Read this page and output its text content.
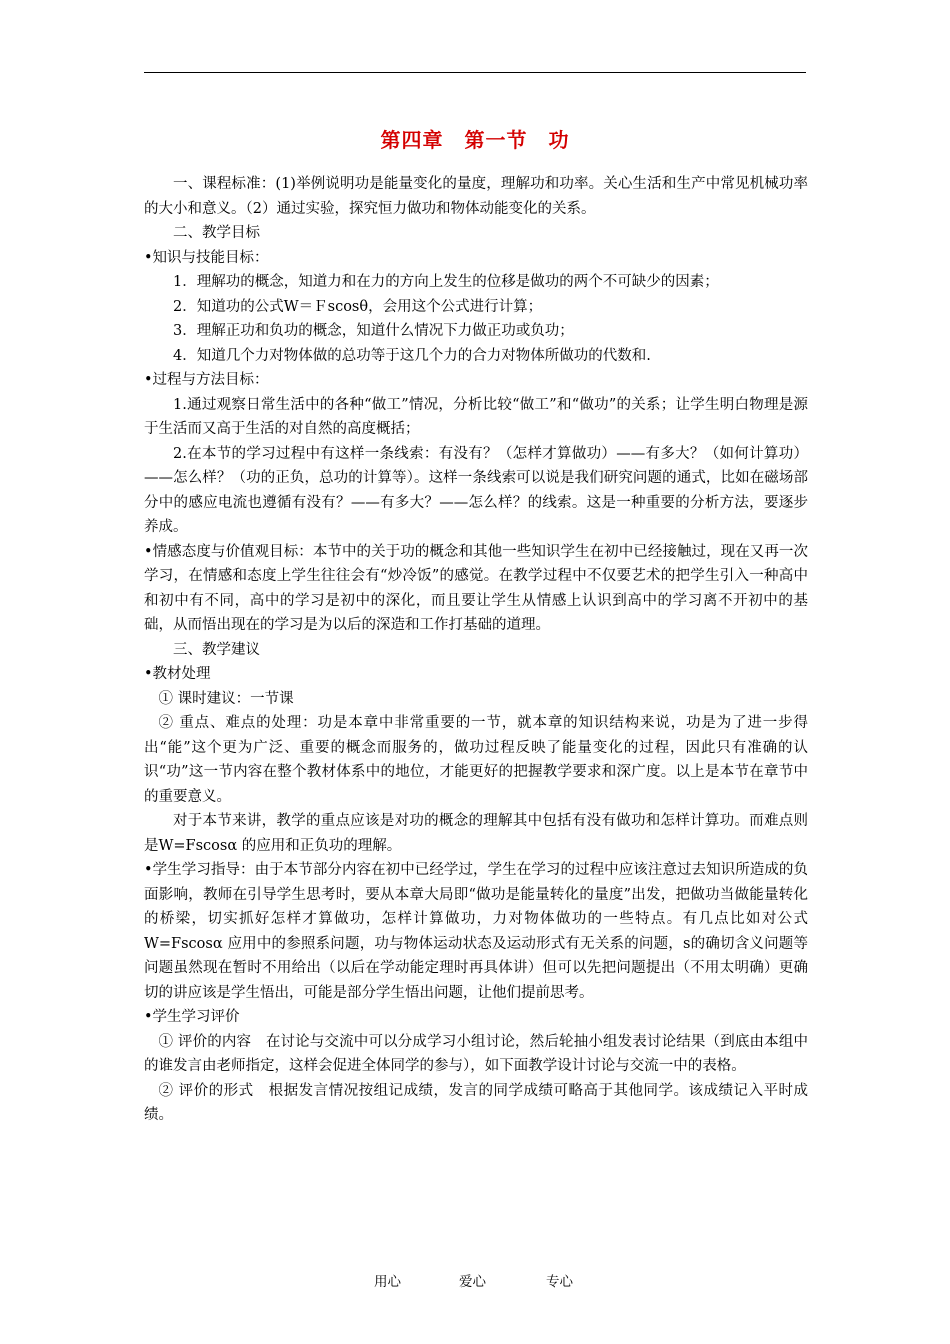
第四章　第一节　功

一、课程标准：(1)举例说明功是能量变化的量度，理解功和功率。关心生活和生产中常见机械功率的大小和意义。（2）通过实验，探究恒力做功和物体动能变化的关系。

二、教学目标

•知识与技能目标：

1．理解功的概念，知道力和在力的方向上发生的位移是做功的两个不可缺少的因素；

2．知道功的公式W＝Ｆscosθ，会用这个公式进行计算；

3．理解正功和负功的概念，知道什么情况下力做正功或负功；

4．知道几个力对物体做的总功等于这几个力的合力对物体所做功的代数和.

•过程与方法目标：

1.通过观察日常生活中的各种“做工”情况，分析比较“做工”和“做功”的关系；让学生明白物理是源于生活而又高于生活的对自然的高度概括；

2.在本节的学习过程中有这样一条线索：有没有？（怎样才算做功）——有多大？（如何计算功）——怎么样？（功的正负，总功的计算等）。这样一条线索可以说是我们研究问题的通式，比如在磁场部分中的感应电流也遵循有没有？——有多大？——怎么样？的线索。这是一种重要的分析方法，要逐步养成。

•情感态度与价值观目标：本节中的关于功的概念和其他一些知识学生在初中已经接触过，现在又再一次学习，在情感和态度上学生往往会有“炒冷饭”的感觉。在教学过程中不仅要艺术的把学生引入一种高中和初中有不同，高中的学习是初中的深化，而且要让学生从情感上认识到高中的学习离不开初中的基础，从而悟出现在的学习是为以后的深造和工作打基础的道理。

三、教学建议

•教材处理

① 课时建议：一节课

② 重点、难点的处理：功是本章中非常重要的一节，就本章的知识结构来说，功是为了进一步得出“能”这个更为广泛、重要的概念而服务的，做功过程反映了能量变化的过程，因此只有准确的认识“功”这一节内容在整个教材体系中的地位，才能更好的把握教学要求和深广度。以上是本节在章节中的重要意义。

对于本节来讲，教学的重点应该是对功的概念的理解其中包括有没有做功和怎样计算功。而难点则是W=Fscosα 的应用和正负功的理解。

•学生学习指导：由于本节部分内容在初中已经学过，学生在学习的过程中应该注意过去知识所造成的负面影响，教师在引导学生思考时，要从本章大局即“做功是能量转化的量度”出发，把做功当做能量转化的桥梁，切实抓好怎样才算做功，怎样计算做功，力对物体做功的一些特点。有几点比如对公式W=Fscosα 应用中的参照系问题，功与物体运动状态及运动形式有无关系的问题，s的确切含义问题等问题虽然现在暂时不用给出（以后在学动能定理时再具体讲）但可以先把问题提出（不用太明确）更确切的讲应该是学生悟出，可能是部分学生悟出问题，让他们提前思考。

•学生学习评价

① 评价的内容　在讨论与交流中可以分成学习小组讨论，然后轮抽小组发表讨论结果（到底由本组中的谁发言由老师指定，这样会促进全体同学的参与），如下面教学设计讨论与交流一中的表格。

② 评价的形式　根据发言情况按组记成绩，发言的同学成绩可略高于其他同学。该成绩记入平时成绩。

用心	爱心	专心
